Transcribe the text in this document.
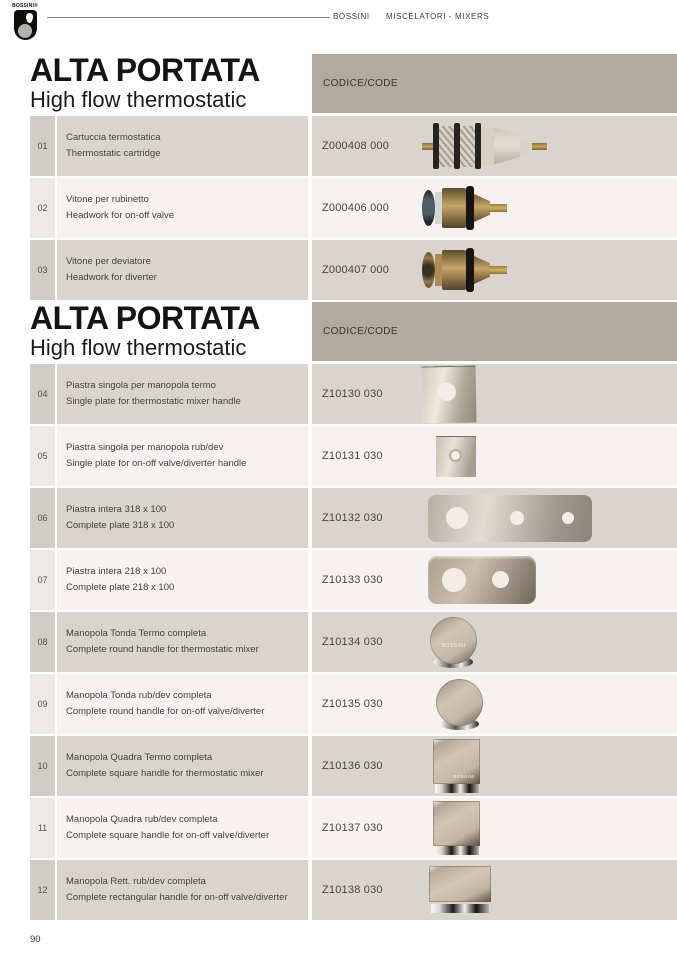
BOSSINI®
BOSSINI MISCELATORI - MIXERS
ALTA PORTATA
High flow thermostatic
CODICE/CODE
01
Cartuccia termostatica
Thermostatic cartridge
Z000408 000
02
Vitone per rubinetto
Headwork for on-off valve
Z000406 000
03
Vitone per deviatore
Headwork for diverter
Z000407 000
ALTA PORTATA
High flow thermostatic
CODICE/CODE
04
Piastra singola per manopola termo
Single plate for thermostatic mixer handle
Z10130 030
05
Piastra singola per manopola rub/dev
Single plate for on-off valve/diverter handle
Z10131 030
06
Piastra intera 318 x 100
Complete plate 318 x 100
Z10132 030
07
Piastra intera 218 x 100
Complete plate 218 x 100
Z10133 030
08
Manopola Tonda Termo completa
Complete round handle for thermostatic mixer
Z10134 030	BOSSINI
09
Manopola Tonda rub/dev completa
Complete round handle for on-off valve/diverter
Z10135 030
10
Manopola Quadra Termo completa
Complete square handle for thermostatic mixer
Z10136 030
BOSSINI
11
Manopola Quadra rub/dev completa
Complete square handle for on-off valve/diverter
Z10137 030
12
Manopola Rett. rub/dev completa
Complete rectangular handle for on-off valve/diverter
Z10138 030
90
